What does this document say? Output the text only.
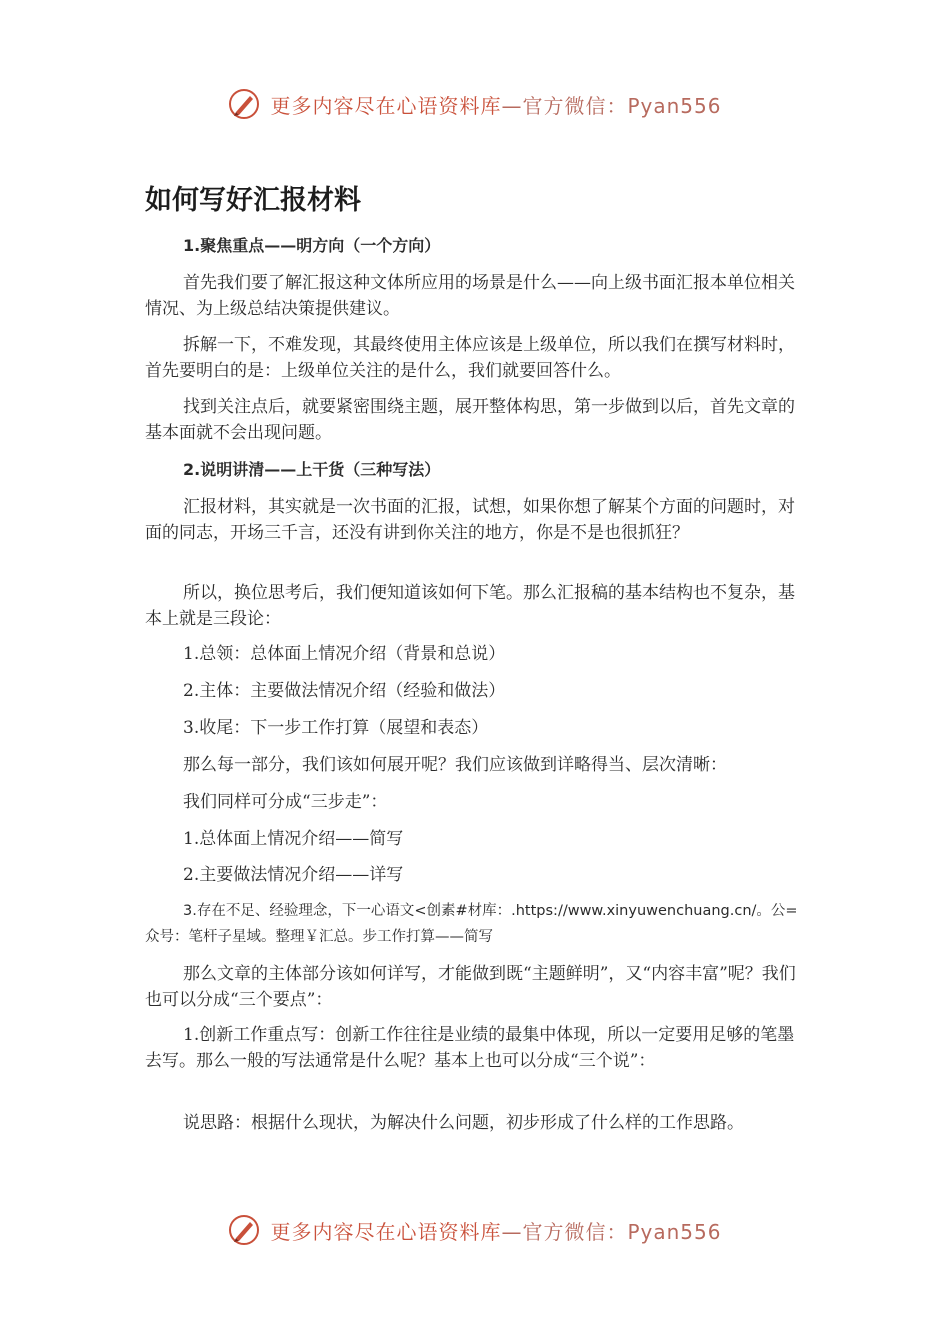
更多内容尽在心语资料库—官方微信：Pyan556
如何写好汇报材料

1.聚焦重点——明方向（一个方向）

首先我们要了解汇报这种文体所应用的场景是什么——向上级书面汇报本单位相关情况、为上级总结决策提供建议。

拆解一下，不难发现，其最终使用主体应该是上级单位，所以我们在撰写材料时，首先要明白的是：上级单位关注的是什么，我们就要回答什么。

找到关注点后，就要紧密围绕主题，展开整体构思，第一步做到以后，首先文章的基本面就不会出现问题。

2.说明讲清——上干货（三种写法）

汇报材料，其实就是一次书面的汇报，试想，如果你想了解某个方面的问题时，对面的同志，开场三千言，还没有讲到你关注的地方，你是不是也很抓狂？

所以，换位思考后，我们便知道该如何下笔。那么汇报稿的基本结构也不复杂，基本上就是三段论：

1.总领：总体面上情况介绍（背景和总说）

2.主体：主要做法情况介绍（经验和做法）

3.收尾：下一步工作打算（展望和表态）

那么每一部分，我们该如何展开呢？我们应该做到详略得当、层次清晰：

我们同样可分成“三步走”：

1.总体面上情况介绍——简写

2.主要做法情况介绍——详写

3.存在不足、经验理念，下一心语文<创素#材库：.https://www.xinyuwenchuang.cn/。公=众号：笔杆子星域。整理￥汇总。步工作打算——简写

那么文章的主体部分该如何详写，才能做到既“主题鲜明”，又“内容丰富”呢？我们也可以分成“三个要点”：

1.创新工作重点写：创新工作往往是业绩的最集中体现，所以一定要用足够的笔墨去写。那么一般的写法通常是什么呢？基本上也可以分成“三个说”：

说思路：根据什么现状，为解决什么问题，初步形成了什么样的工作思路。

更多内容尽在心语资料库—官方微信：Pyan556
